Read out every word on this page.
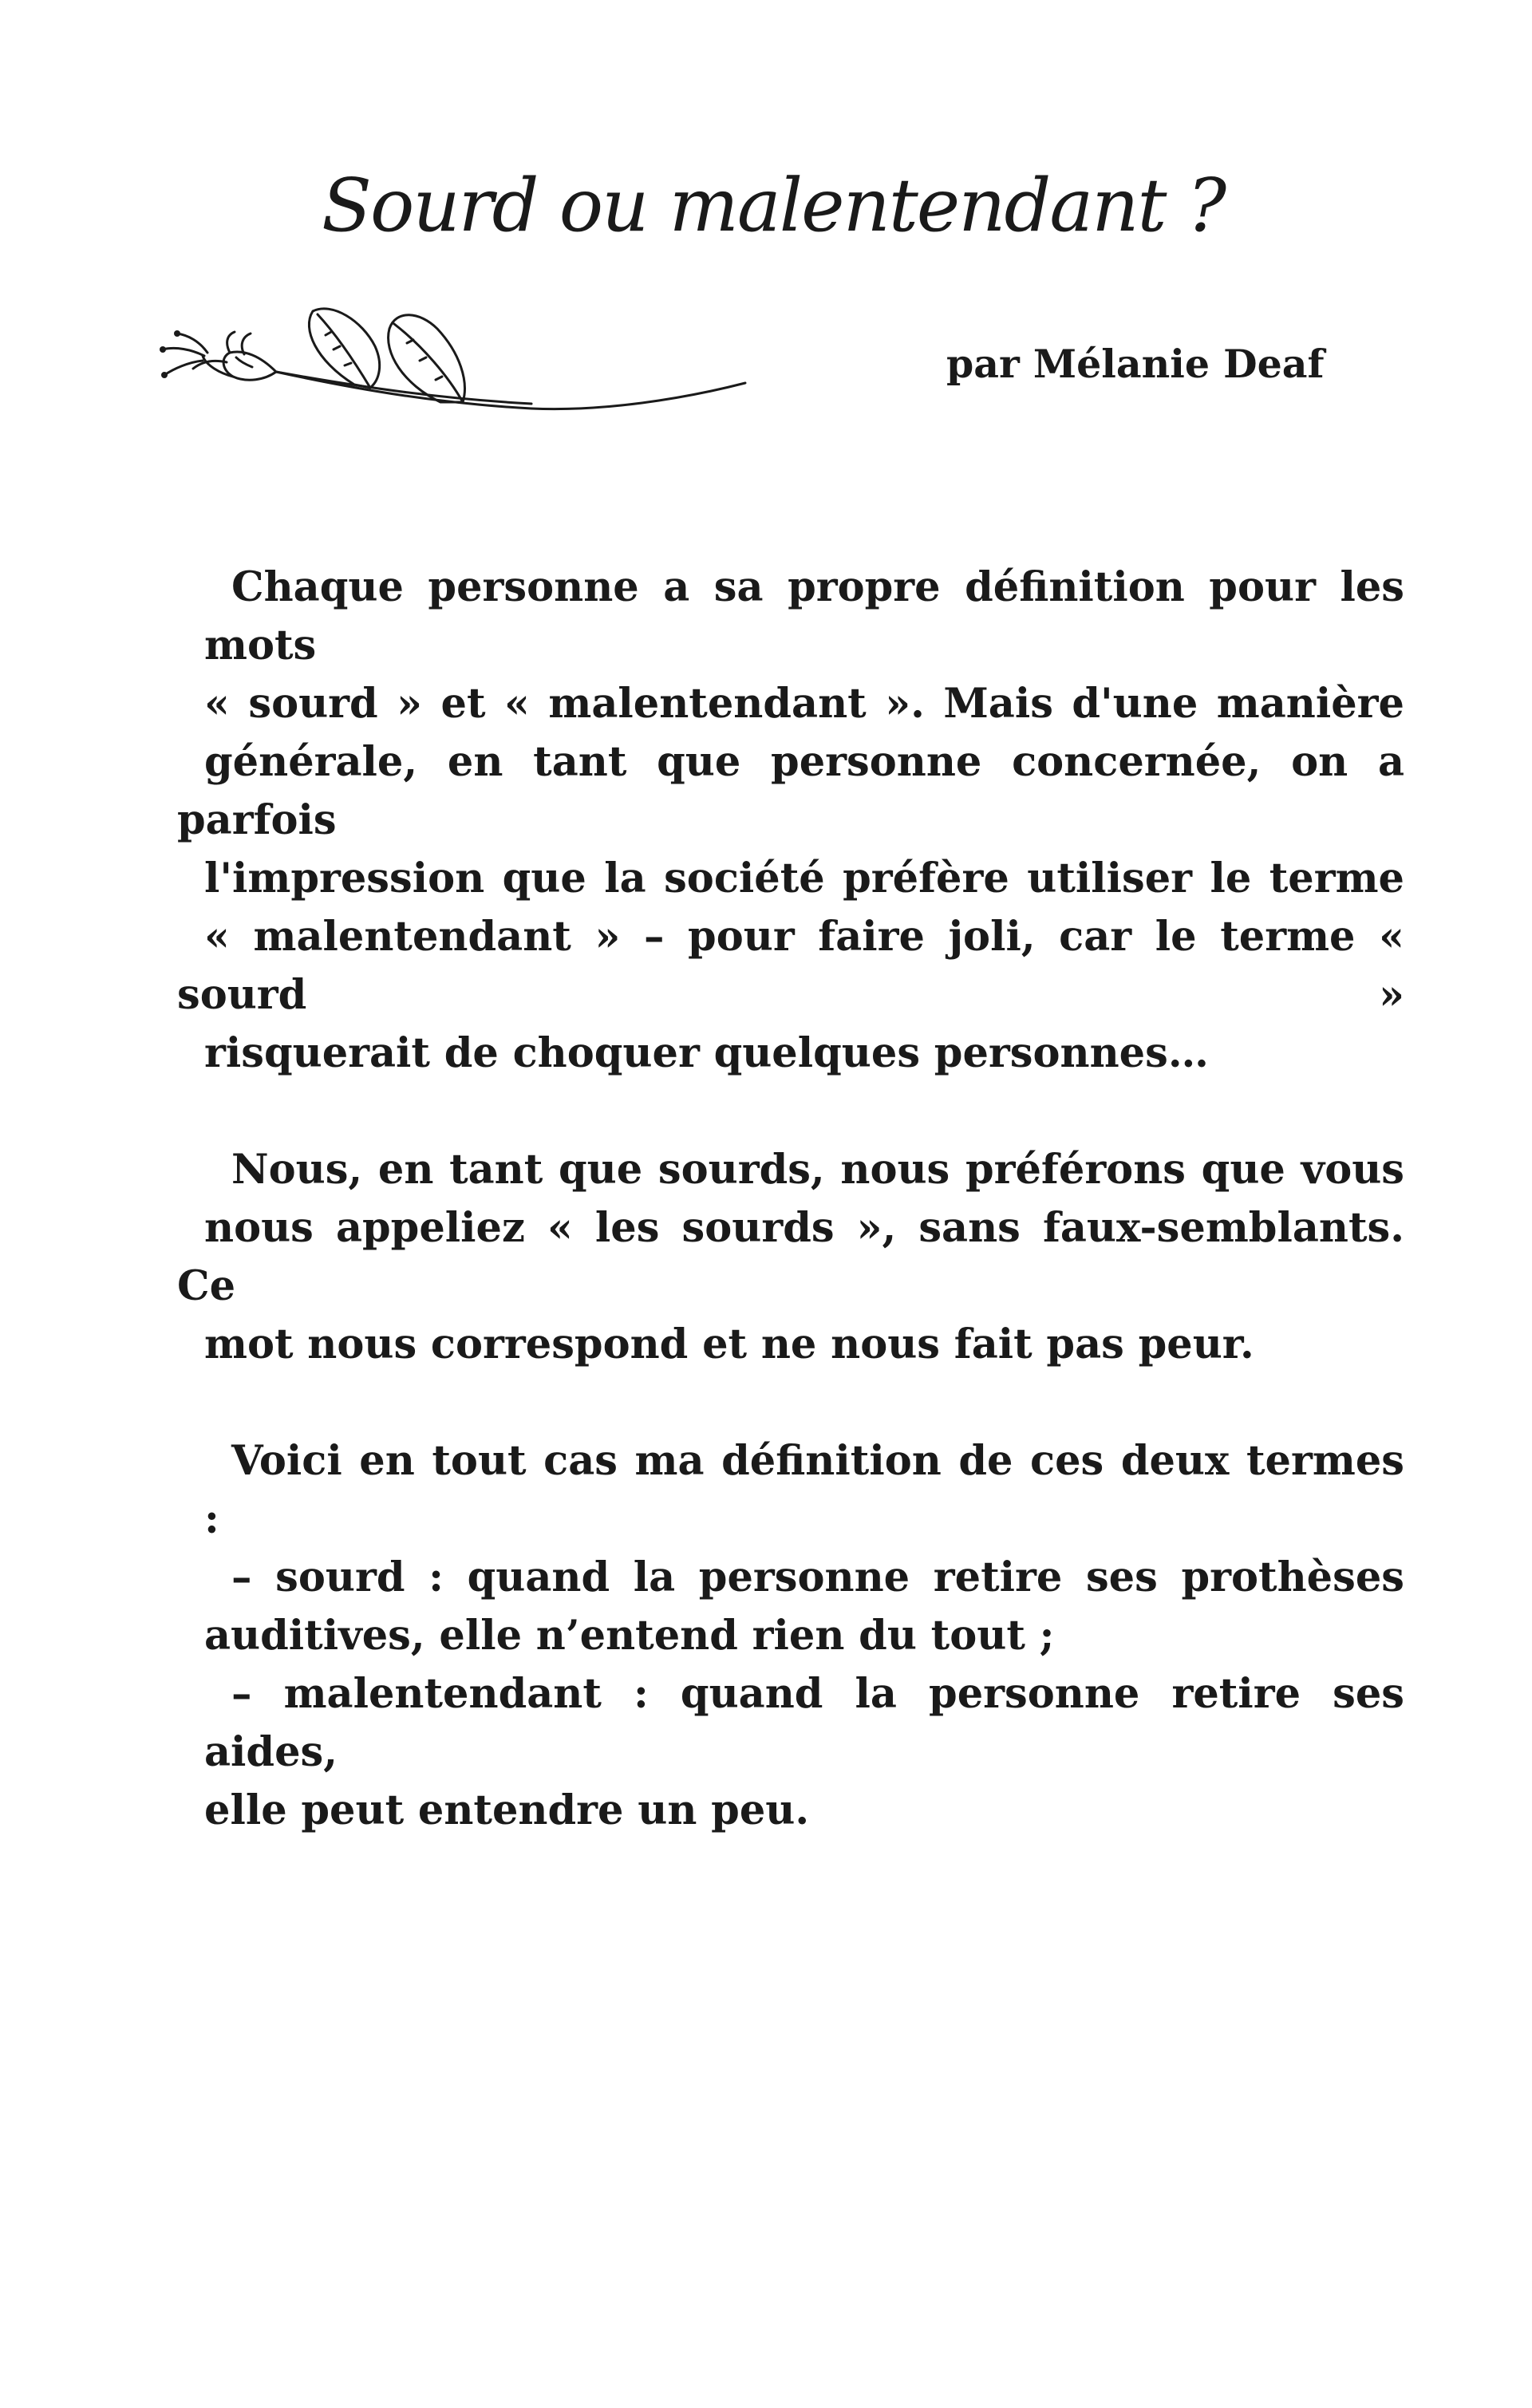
Sourd ou malentendant ?

par Mélanie Deaf

Chaque personne a sa propre définition pour les mots
« sourd » et « malentendant ». Mais d'une manière
générale, en tant que personne concernée, on a parfois
l'impression que la société préfère utiliser le terme
« malentendant » – pour faire joli, car le terme « sourd »
risquerait de choquer quelques personnes…
Nous, en tant que sourds, nous préférons que vous
nous appeliez « les sourds », sans faux-semblants. Ce
mot nous correspond et ne nous fait pas peur.
Voici en tout cas ma définition de ces deux termes :
– sourd : quand la personne retire ses prothèses
auditives, elle n’entend rien du tout ;
– malentendant : quand la personne retire ses aides,
elle peut entendre un peu.
